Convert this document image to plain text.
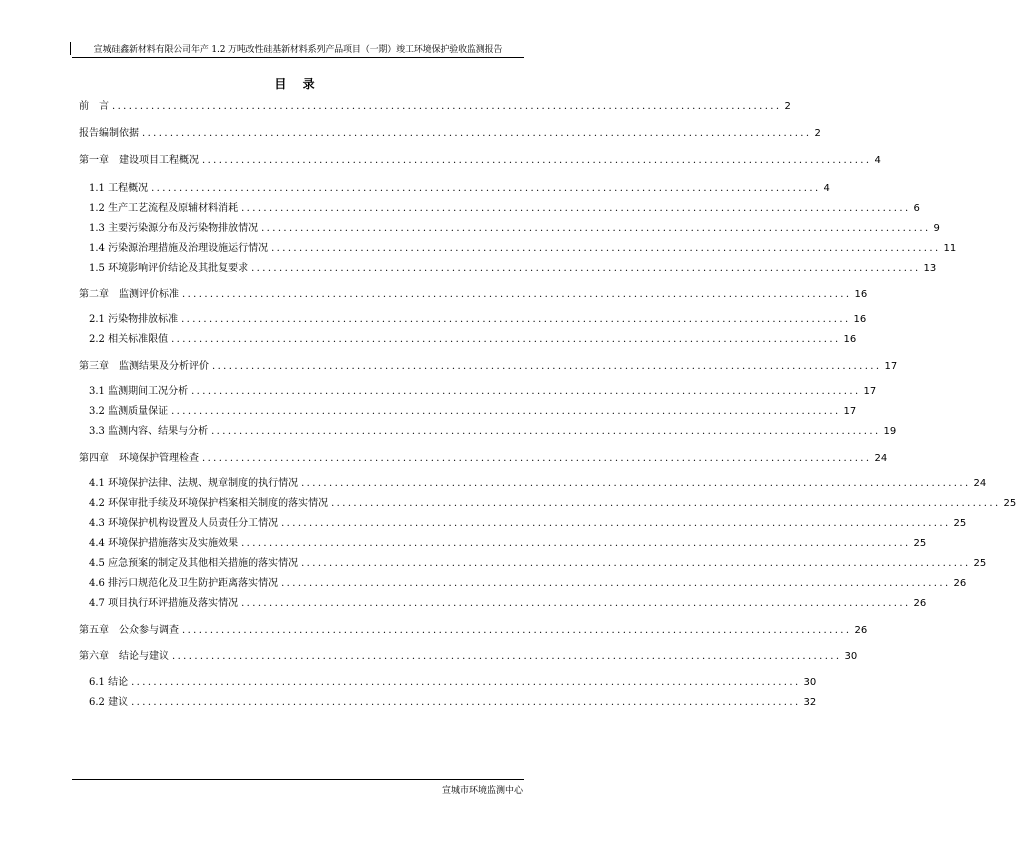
宣城硅鑫新材料有限公司年产 1.2 万吨改性硅基新材料系列产品项目（一期）竣工环境保护验收监测报告
目 录
前　言 ........................................................................................................................ 2
报告编制依据 ........................................................................................................................ 2
第一章　建设项目工程概况 ........................................................................................................................ 4
1.1 工程概况 ........................................................................................................................ 4
1.2 生产工艺流程及原辅材料消耗 ........................................................................................................................ 6
1.3 主要污染源分布及污染物排放情况 ........................................................................................................................ 9
1.4 污染源治理措施及治理设施运行情况 ........................................................................................................................ 11
1.5 环境影响评价结论及其批复要求 ........................................................................................................................ 13
第二章　监测评价标准 ........................................................................................................................ 16
2.1 污染物排放标准 ........................................................................................................................ 16
2.2 相关标准限值 ........................................................................................................................ 16
第三章　监测结果及分析评价 ........................................................................................................................ 17
3.1 监测期间工况分析 ........................................................................................................................ 17
3.2 监测质量保证 ........................................................................................................................ 17
3.3 监测内容、结果与分析 ........................................................................................................................ 19
第四章　环境保护管理检查 ........................................................................................................................ 24
4.1 环境保护法律、法规、规章制度的执行情况 ........................................................................................................................ 24
4.2 环保审批手续及环境保护档案相关制度的落实情况 ........................................................................................................................ 25
4.3 环境保护机构设置及人员责任分工情况 ........................................................................................................................ 25
4.4 环境保护措施落实及实施效果 ........................................................................................................................ 25
4.5 应急预案的制定及其他相关措施的落实情况 ........................................................................................................................ 25
4.6 排污口规范化及卫生防护距离落实情况 ........................................................................................................................ 26
4.7 项目执行环评措施及落实情况 ........................................................................................................................ 26
第五章　公众参与调查 ........................................................................................................................ 26
第六章　结论与建议 ........................................................................................................................ 30
6.1 结论 ........................................................................................................................ 30
6.2 建议 ........................................................................................................................ 32
宣城市环境监测中心
